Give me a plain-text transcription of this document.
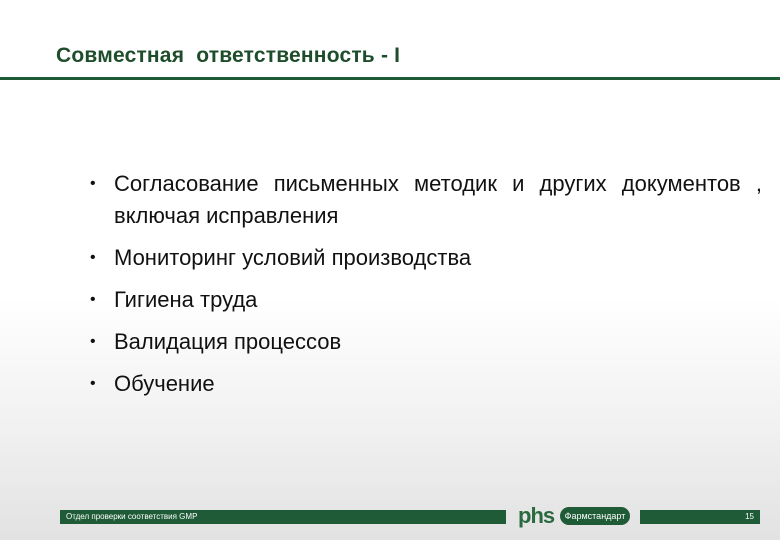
Совместная  ответственность - I
• Согласование письменных методик и других документов , включая исправления
• Мониторинг условий производства
• Гигиена труда
• Валидация процессов
• Обучение
Отдел проверки соответствия GMP	15
phs	Фармстандарт
